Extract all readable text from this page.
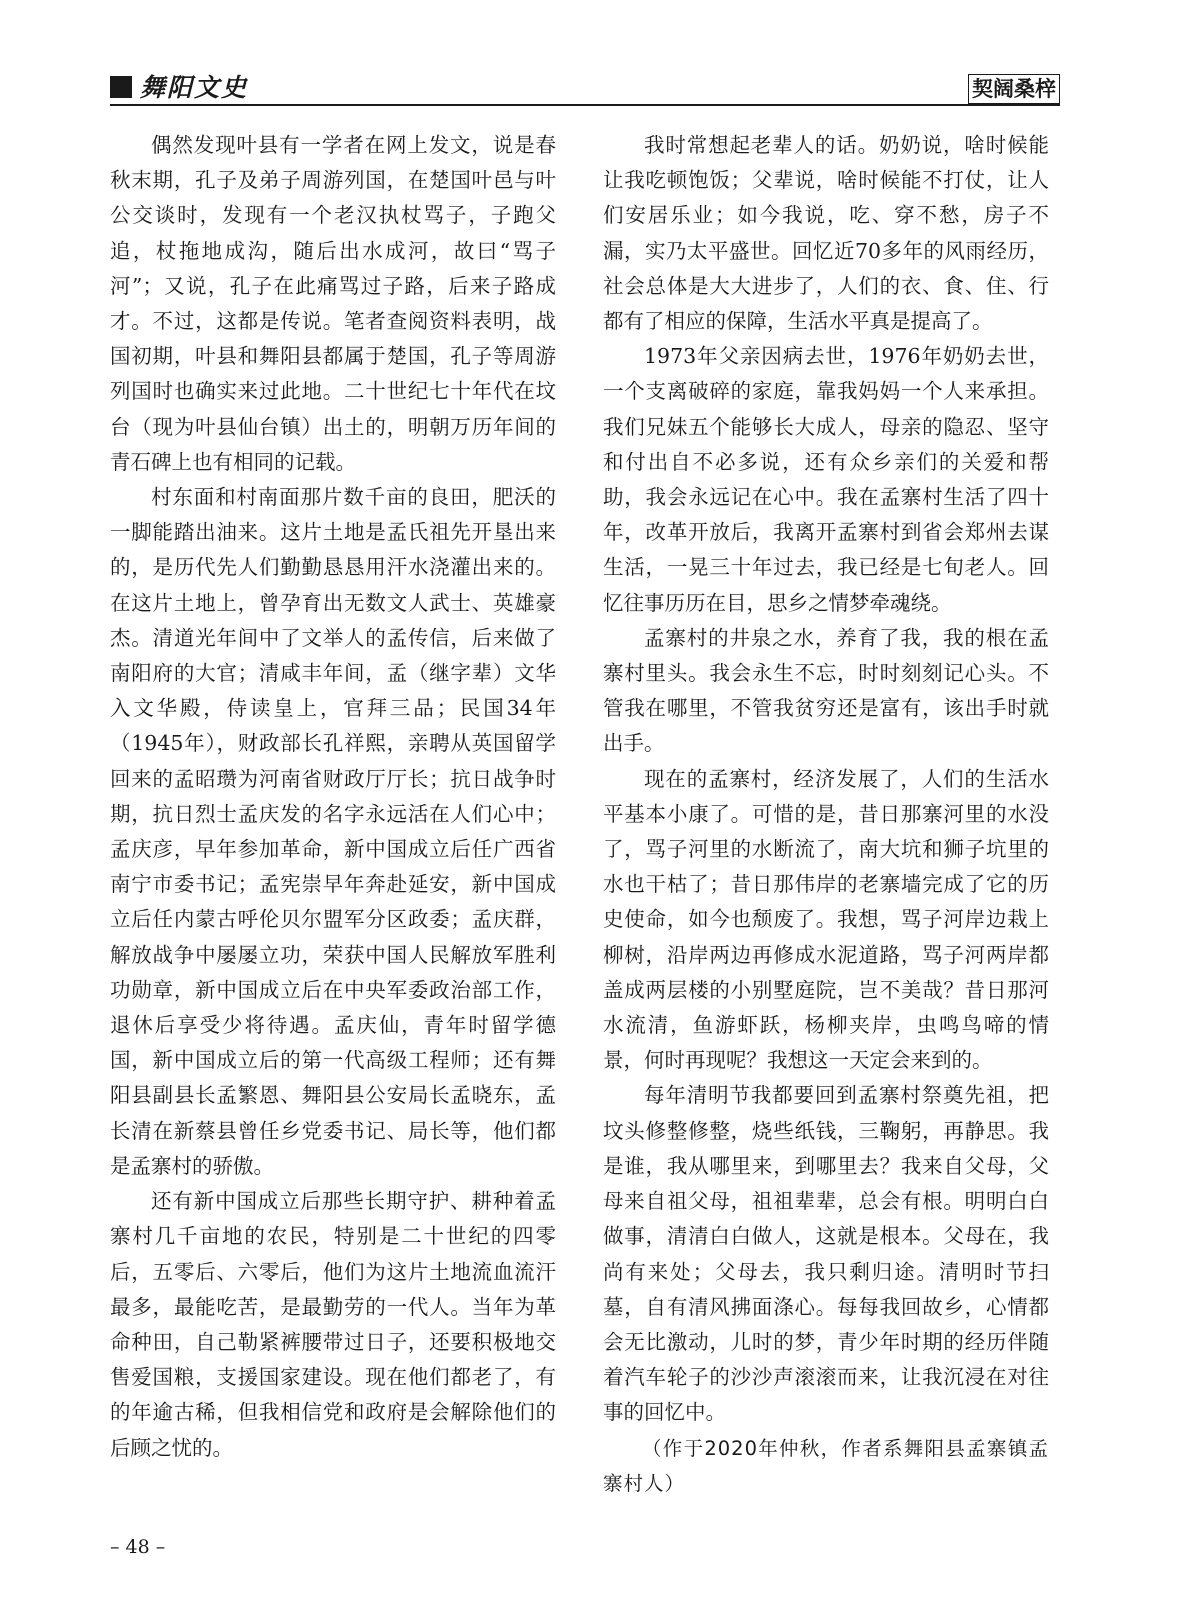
舞阳文史	契阔桑梓

偶然发现叶县有一学者在网上发文，说是春秋末期，孔子及弟子周游列国，在楚国叶邑与叶公交谈时，发现有一个老汉执杖骂子，子跑父追，杖拖地成沟，随后出水成河，故曰“骂子河”；又说，孔子在此痛骂过子路，后来子路成才。不过，这都是传说。笔者查阅资料表明，战国初期，叶县和舞阳县都属于楚国，孔子等周游列国时也确实来过此地。二十世纪七十年代在坟台（现为叶县仙台镇）出土的，明朝万历年间的青石碑上也有相同的记载。

村东面和村南面那片数千亩的良田，肥沃的一脚能踏出油来。这片土地是孟氏祖先开垦出来的，是历代先人们勤勤恳恳用汗水浇灌出来的。在这片土地上，曾孕育出无数文人武士、英雄豪杰。清道光年间中了文举人的孟传信，后来做了南阳府的大官；清咸丰年间，孟（继字辈）文华入文华殿，侍读皇上，官拜三品；民国34年（1945年），财政部长孔祥熙，亲聘从英国留学回来的孟昭瓒为河南省财政厅厅长；抗日战争时期，抗日烈士孟庆发的名字永远活在人们心中；孟庆彦，早年参加革命，新中国成立后任广西省南宁市委书记；孟宪崇早年奔赴延安，新中国成立后任内蒙古呼伦贝尔盟军分区政委；孟庆群，解放战争中屡屡立功，荣获中国人民解放军胜利功勋章，新中国成立后在中央军委政治部工作，退休后享受少将待遇。孟庆仙，青年时留学德国，新中国成立后的第一代高级工程师；还有舞阳县副县长孟繁恩、舞阳县公安局长孟晓东，孟长清在新蔡县曾任乡党委书记、局长等，他们都是孟寨村的骄傲。

还有新中国成立后那些长期守护、耕种着孟寨村几千亩地的农民，特别是二十世纪的四零后，五零后、六零后，他们为这片土地流血流汗最多，最能吃苦，是最勤劳的一代人。当年为革命种田，自己勒紧裤腰带过日子，还要积极地交售爱国粮，支援国家建设。现在他们都老了，有的年逾古稀，但我相信党和政府是会解除他们的后顾之忧的。

我时常想起老辈人的话。奶奶说，啥时候能让我吃顿饱饭；父辈说，啥时候能不打仗，让人们安居乐业；如今我说，吃、穿不愁，房子不漏，实乃太平盛世。回忆近70多年的风雨经历，社会总体是大大进步了，人们的衣、食、住、行都有了相应的保障，生活水平真是提高了。

1973年父亲因病去世，1976年奶奶去世，一个支离破碎的家庭，靠我妈妈一个人来承担。我们兄妹五个能够长大成人，母亲的隐忍、坚守和付出自不必多说，还有众乡亲们的关爱和帮助，我会永远记在心中。我在孟寨村生活了四十年，改革开放后，我离开孟寨村到省会郑州去谋生活，一晃三十年过去，我已经是七旬老人。回忆往事历历在目，思乡之情梦牵魂绕。

孟寨村的井泉之水，养育了我，我的根在孟寨村里头。我会永生不忘，时时刻刻记心头。不管我在哪里，不管我贫穷还是富有，该出手时就出手。

现在的孟寨村，经济发展了，人们的生活水平基本小康了。可惜的是，昔日那寨河里的水没了，骂子河里的水断流了，南大坑和狮子坑里的水也干枯了；昔日那伟岸的老寨墙完成了它的历史使命，如今也颓废了。我想，骂子河岸边栽上柳树，沿岸两边再修成水泥道路，骂子河两岸都盖成两层楼的小别墅庭院，岂不美哉？昔日那河水流清，鱼游虾跃，杨柳夹岸，虫鸣鸟啼的情景，何时再现呢？我想这一天定会来到的。

每年清明节我都要回到孟寨村祭奠先祖，把坟头修整修整，烧些纸钱，三鞠躬，再静思。我是谁，我从哪里来，到哪里去？我来自父母，父母来自祖父母，祖祖辈辈，总会有根。明明白白做事，清清白白做人，这就是根本。父母在，我尚有来处；父母去，我只剩归途。清明时节扫墓，自有清风拂面涤心。每每我回故乡，心情都会无比激动，儿时的梦，青少年时期的经历伴随着汽车轮子的沙沙声滚滚而来，让我沉浸在对往事的回忆中。

（作于2020年仲秋，作者系舞阳县孟寨镇孟寨村人）

– 48 –
